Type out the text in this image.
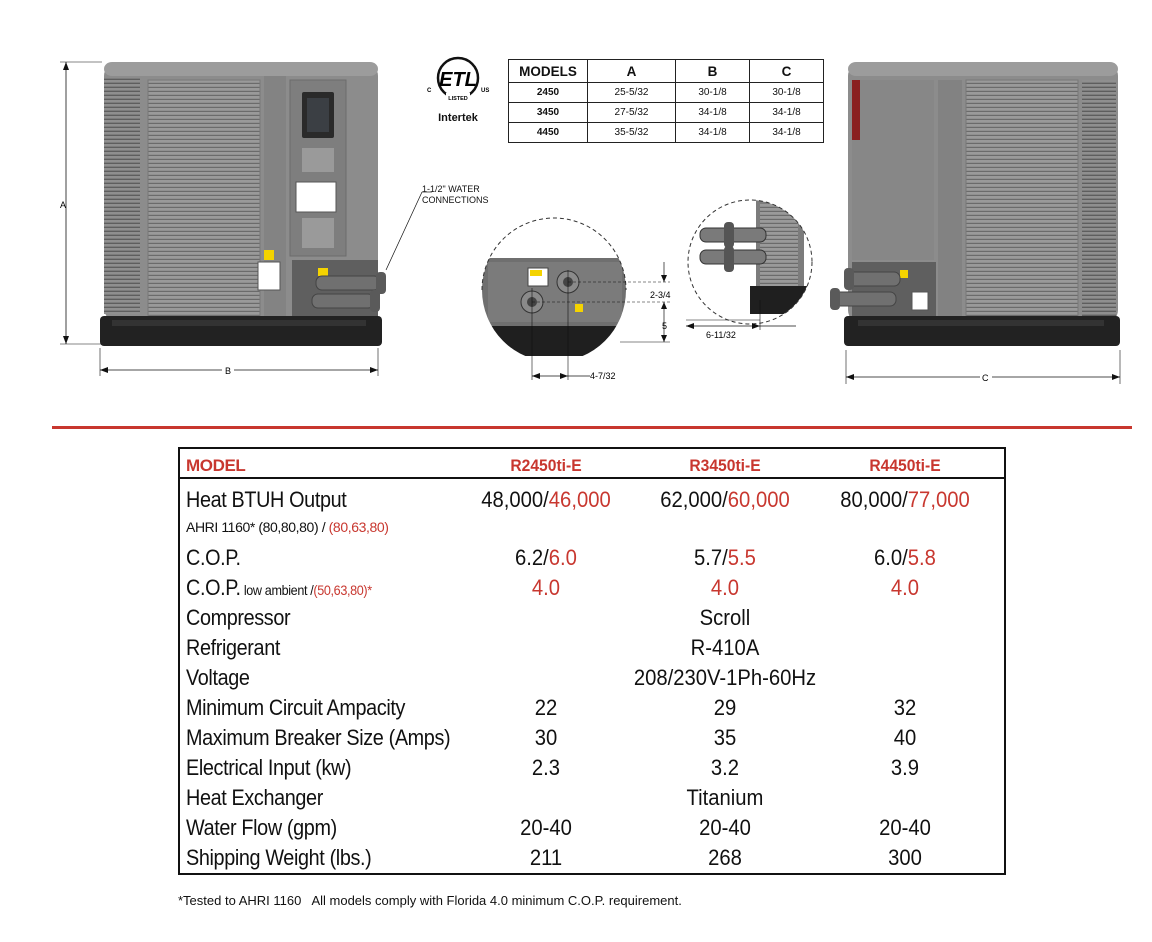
A
B
2-3/4
5
4-7/32
6-11/32
C
1-1/2" WATER
CONNECTIONS
ETL
LISTED
C	US
Intertek
MODELS	A	B	C
2450	25-5/32	30-1/8	30-1/8
3450	27-5/32	34-1/8	34-1/8
4450	35-5/32	34-1/8	34-1/8
MODEL	R2450ti-E	R3450ti-E	R4450ti-E
Heat BTUH Output	48,000/46,000	62,000/60,000	80,000/77,000
AHRI 1160* (80,80,80) / (80,63,80)
C.O.P.	6.2/6.0	5.7/5.5	6.0/5.8
C.O.P. low ambient /(50,63,80)*	4.0	4.0	4.0
Compressor	Scroll
Refrigerant	R-410A
Voltage	208/230V-1Ph-60Hz
Minimum Circuit Ampacity	22	29	32
Maximum Breaker Size (Amps)	30	35	40
Electrical Input (kw)	2.3	3.2	3.9
Heat Exchanger	Titanium
Water Flow (gpm)	20-40	20-40	20-40
Shipping Weight (lbs.)	211	268	300
*Tested to AHRI 1160   All models comply with Florida 4.0 minimum C.O.P. requirement.
